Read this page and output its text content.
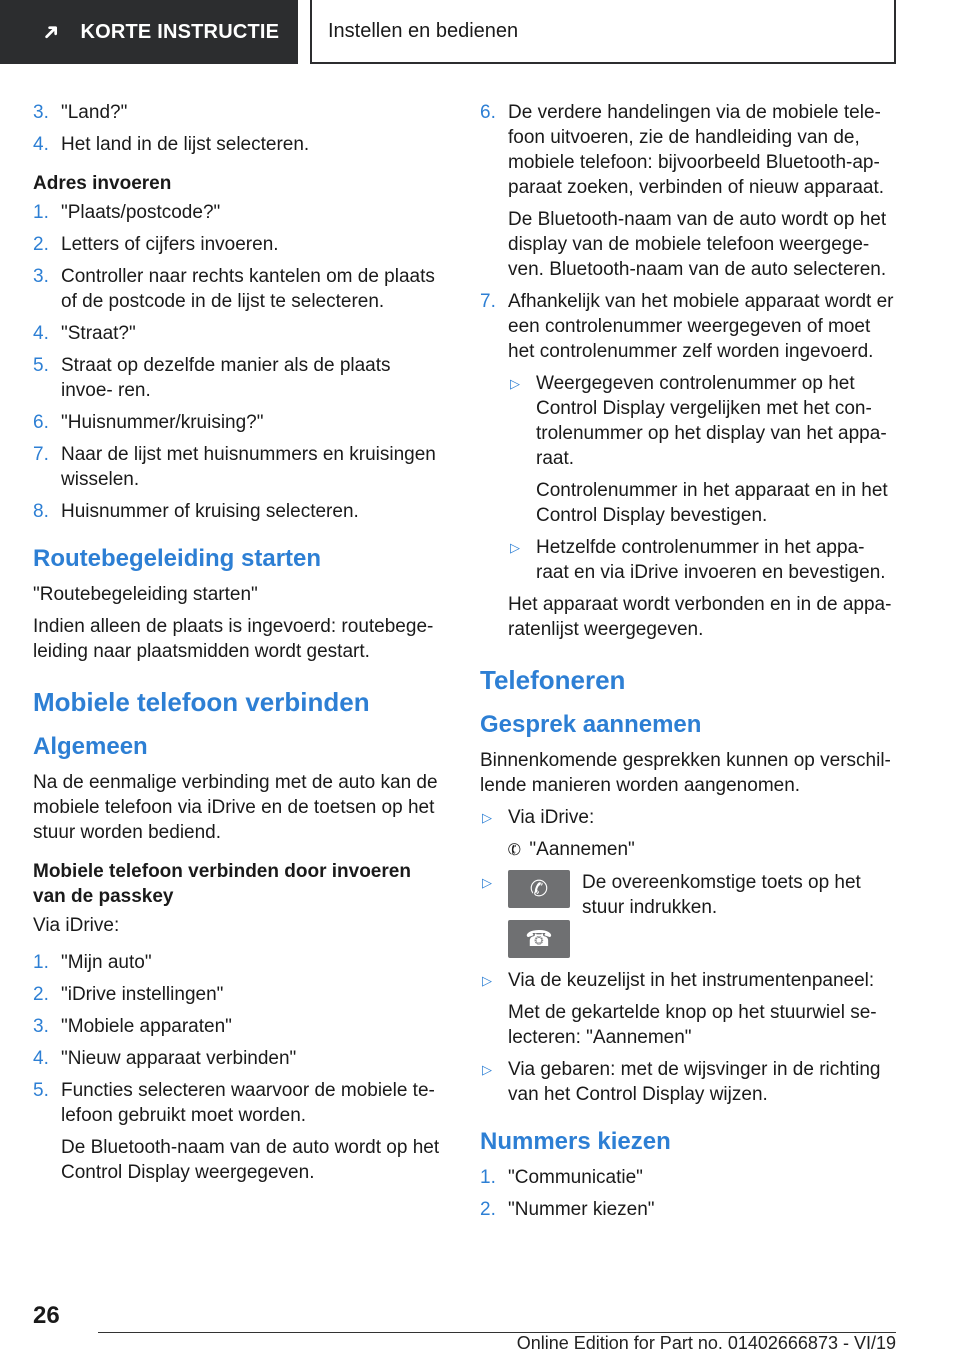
➜ KORTE INSTRUCTIE Instellen en bedienen
3 . "Land?"
4 . Het land in de lijst selecteren.
Adres invoeren
1 . "Plaats/postcode?"
2 . Letters of cijfers invoeren.
3 . Controller naar rechts kantelen om de plaats of de postcode in de lijst te selecteren.
4 . "Straat?"
5 . Straat op dezelfde manier als de plaats invoe- ren.
6 . "Huisnummer/kruising?"
7 . Naar de lijst met huisnummers en kruisingen wisselen.
8 . Huisnummer of kruising selecteren.
Routebegeleiding starten
"Routebegeleiding starten"
Indien alleen de plaats is ingevoerd: routebege- leiding naar plaatsmidden wordt gestart.
Mobiele telefoon verbinden
Algemeen
Na de eenmalige verbinding met de auto kan de mobiele telefoon via iDrive en de toetsen op het stuur worden bediend.
Mobiele telefoon verbinden door invoeren van de passkey
Via iDrive:
1 . "Mijn auto"
2 . "iDrive instellingen"
3 . "Mobiele apparaten"
4 . "Nieuw apparaat verbinden"
5 . Functies selecteren waarvoor de mobiele te- lefoon gebruikt moet worden.
De Bluetooth-naam van de auto wordt op het Control Display weergegeven.
6 . De verdere handelingen via de mobiele tele- foon uitvoeren, zie de handleiding van de, mobiele telefoon: bijvoorbeeld Bluetooth-ap- paraat zoeken, verbinden of nieuw apparaat.
De Bluetooth-naam van de auto wordt op het display van de mobiele telefoon weergege- ven. Bluetooth-naam van de auto selecteren.
7 . Afhankelijk van het mobiele apparaat wordt er een controlenummer weergegeven of moet het controlenummer zelf worden ingevoerd.
▷ Weergegeven controlenummer op het Control Display vergelijken met het con- trolenummer op het display van het appa- raat.
Controlenummer in het apparaat en in het Control Display bevestigen.
▷ Hetzelfde controlenummer in het appa- raat en via iDrive invoeren en bevestigen.
Het apparaat wordt verbonden en in de appa- ratenlijst weergegeven.
Telefoneren
Gesprek aannemen
Binnenkomende gesprekken kunnen op verschil- lende manieren worden aangenomen.
▷ Via iDrive:
✆ "Aannemen"
▷	✆
☎
De overeenkomstige toets op het stuur indrukken.
▷ Via de keuzelijst in het instrumentenpaneel:
Met de gekartelde knop op het stuurwiel se- lecteren: "Aannemen"
▷ Via gebaren: met de wijsvinger in de richting van het Control Display wijzen.
Nummers kiezen
1 . "Communicatie"
2 . "Nummer kiezen"
26
Online Edition for Part no. 01402666873 - VI/19
